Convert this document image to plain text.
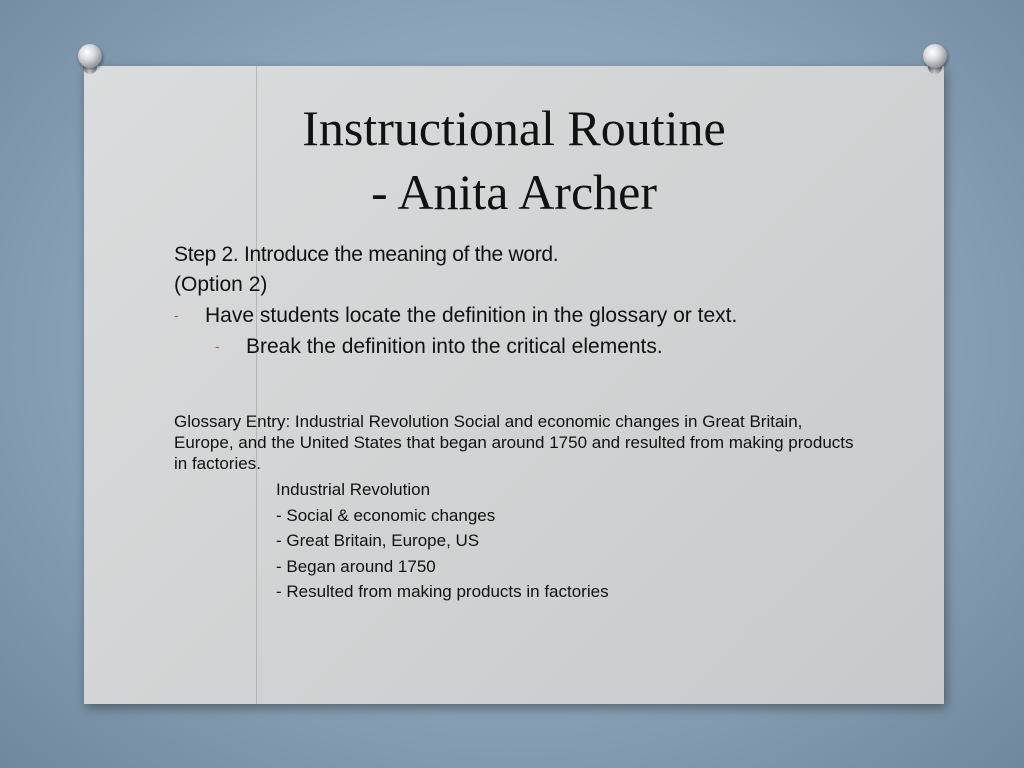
Instructional Routine
- Anita Archer
Step 2. Introduce the meaning of the word.
(Option 2)
- Have students locate the definition in the glossary or text.
- Break the definition into the critical elements.
Glossary Entry: Industrial Revolution Social and economic changes in Great Britain, Europe, and the United States that began around 1750 and resulted from making products in factories.
Industrial Revolution
- Social & economic changes
- Great Britain, Europe, US
- Began around 1750
- Resulted from making products in factories
